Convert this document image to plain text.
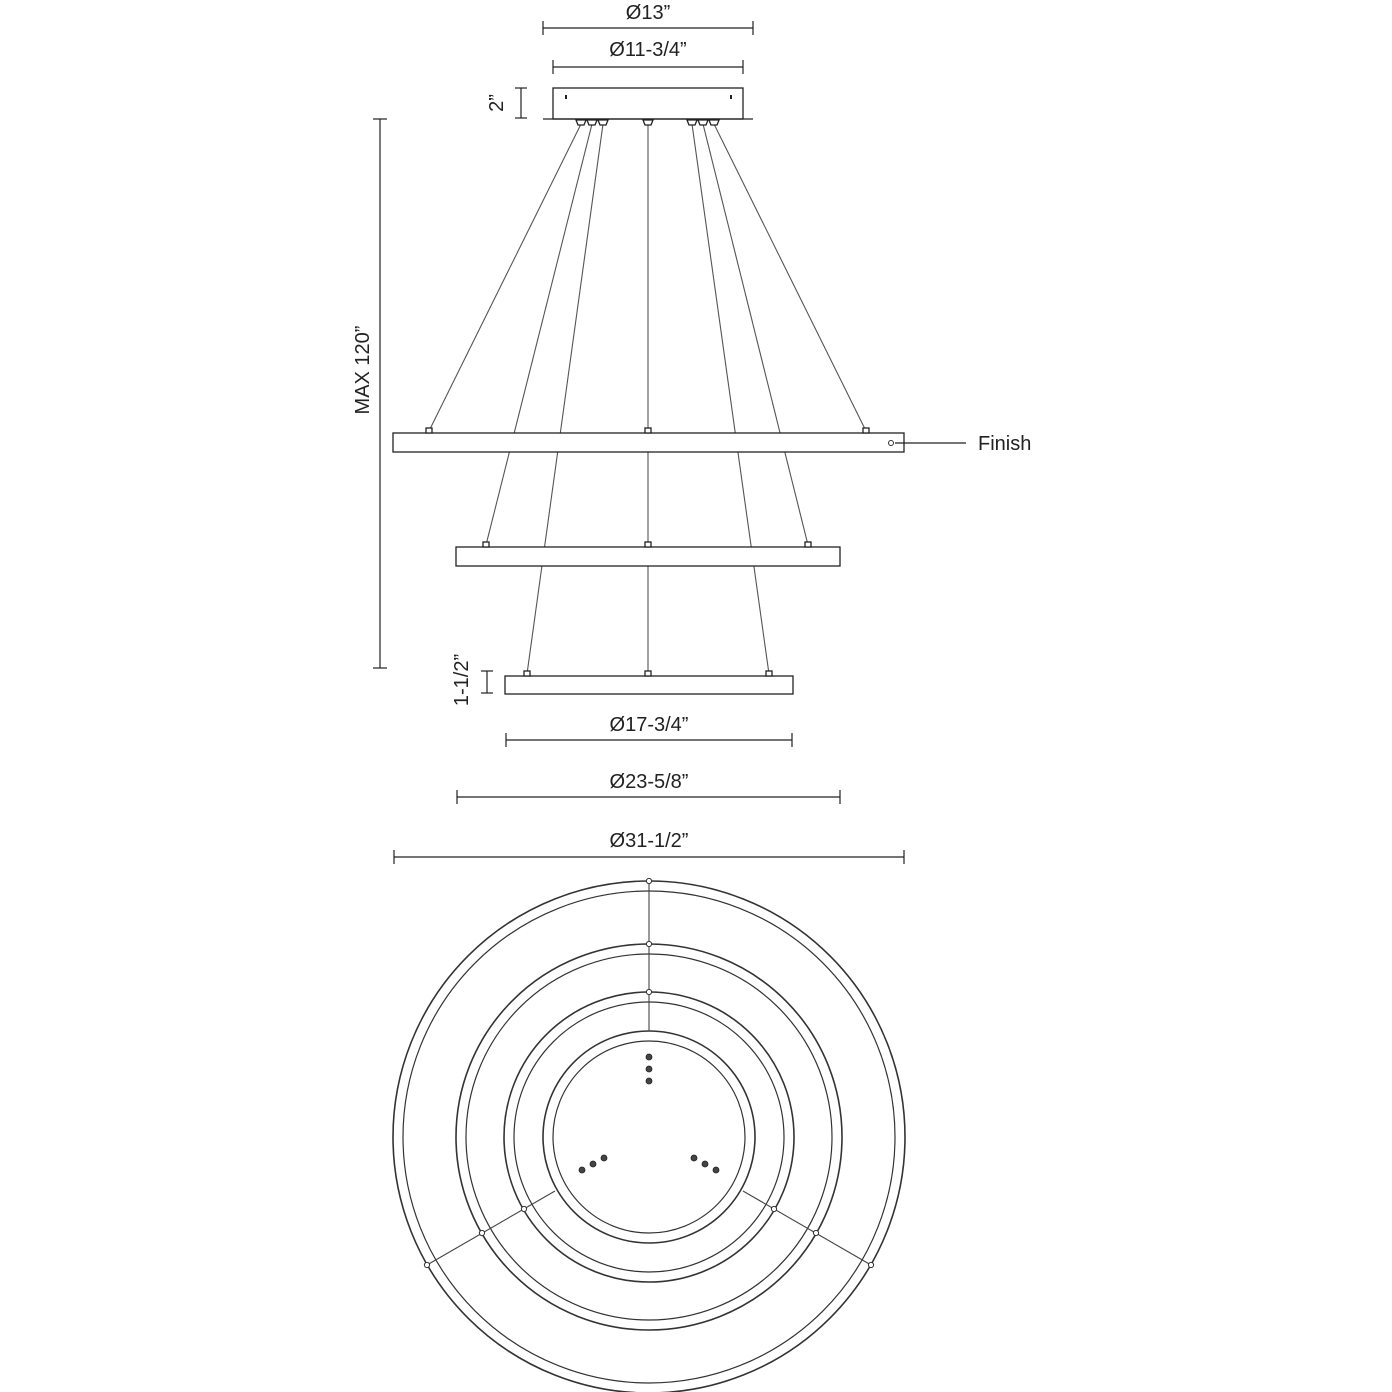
Ø13”
Ø11-3/4”
2”
MAX 120”
Finish
1-1/2”
Ø17-3/4”
Ø23-5/8”
Ø31-1/2”
